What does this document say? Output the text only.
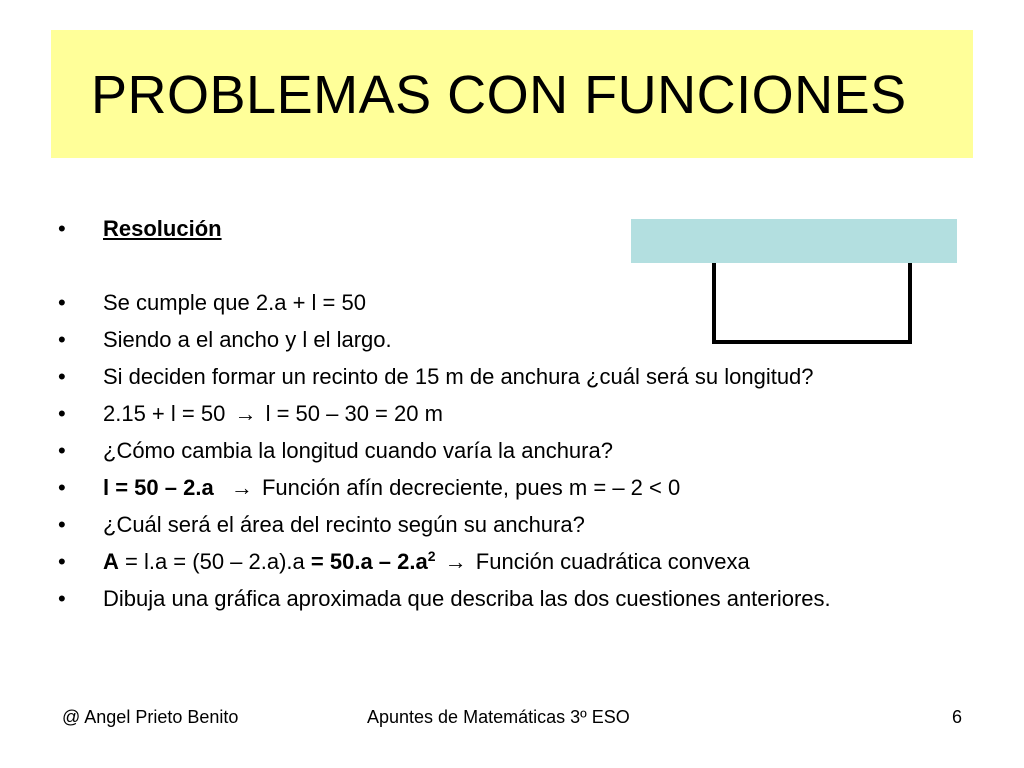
PROBLEMAS CON FUNCIONES
• Resolución
• Se cumple que 2.a + l = 50
• Siendo a el ancho y l el largo.
• Si deciden formar un recinto de 15 m de anchura ¿cuál será su longitud?
• 2.15 + l = 50 → l = 50 – 30 = 20 m
• ¿Cómo cambia la longitud cuando varía la anchura?
• l = 50 – 2.a → Función afín decreciente, pues m = – 2 < 0
• ¿Cuál será el área del recinto según su anchura?
• $A = l.a = (50 - 2.a).a = 50.a - 2.a^2$ → Función cuadrática convexa
• Dibuja una gráfica aproximada que describa las dos cuestiones anteriores.
@ Angel Prieto Benito	Apuntes de Matemáticas 3º ESO	6
